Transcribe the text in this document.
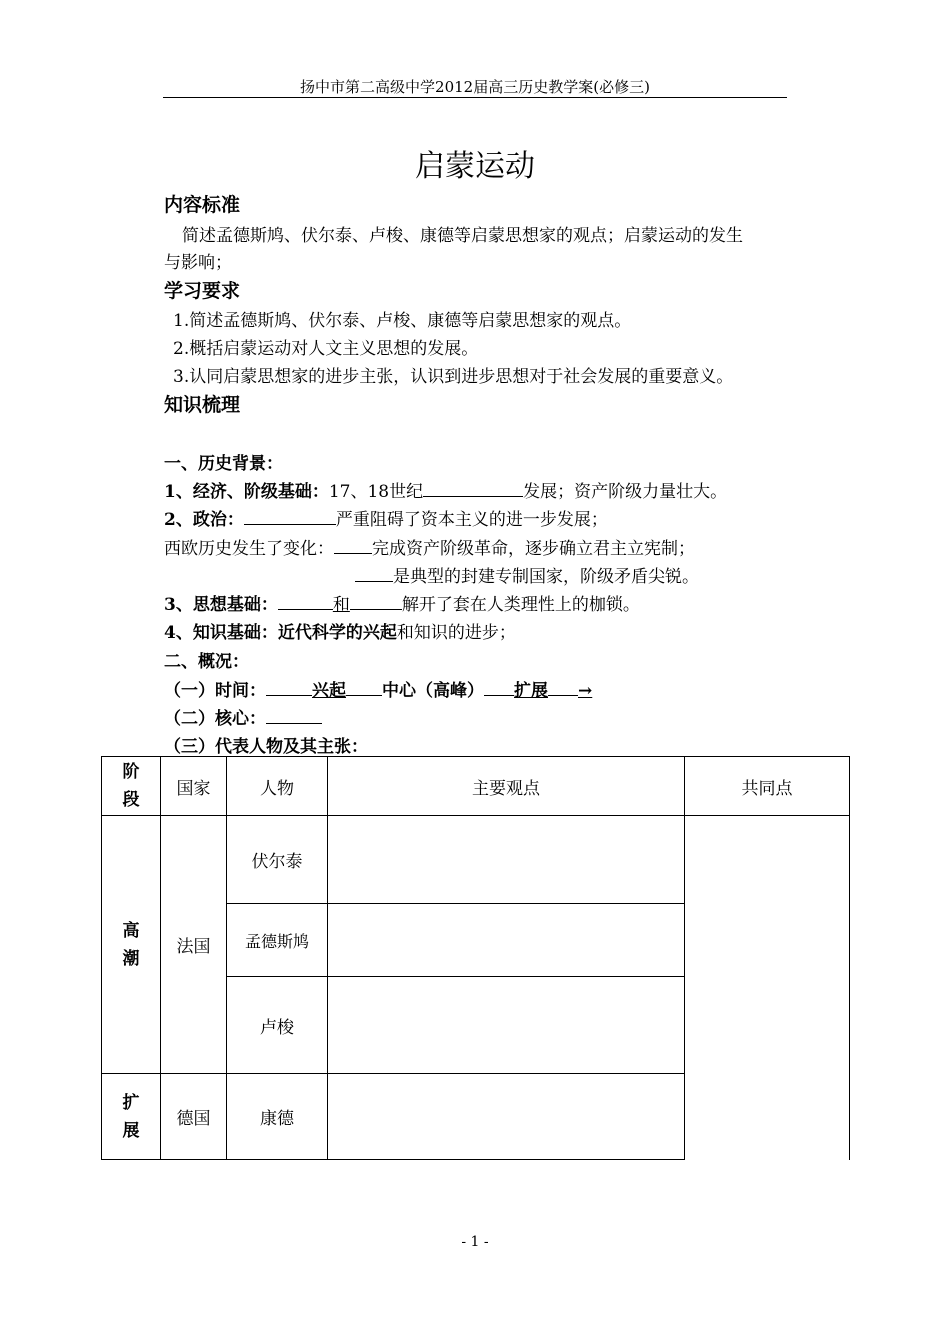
扬中市第二高级中学2012届高三历史教学案(必修三)
启蒙运动
内容标准
简述孟德斯鸠、伏尔泰、卢梭、康德等启蒙思想家的观点；启蒙运动的发生
与影响；
学习要求
1.简述孟德斯鸠、伏尔泰、卢梭、康德等启蒙思想家的观点。
2.概括启蒙运动对人文主义思想的发展。
3.认同启蒙思想家的进步主张，认识到进步思想对于社会发展的重要意义。
知识梳理
一、历史背景：
1、经济、阶级基础：17、18世纪	发展；资产阶级力量壮大。
2、政治：	严重阻碍了资本主义的进一步发展；
西欧历史发生了变化： 完成资产阶级革命，逐步确立君主立宪制；
是典型的封建专制国家，阶级矛盾尖锐。
3、思想基础：	和	解开了套在人类理性上的枷锁。
4、知识基础：近代科学的兴起和知识的进步；
二、概况：
（一）时间：	兴起 中心（高峰） 扩展 →
（二）核心：
（三）代表人物及其主张：
阶
段	国家	人物	主要观点	共同点
高
潮	法国	伏尔泰		
		孟德斯鸠		
		卢梭		
扩
展	德国	康德		
- 1 -
